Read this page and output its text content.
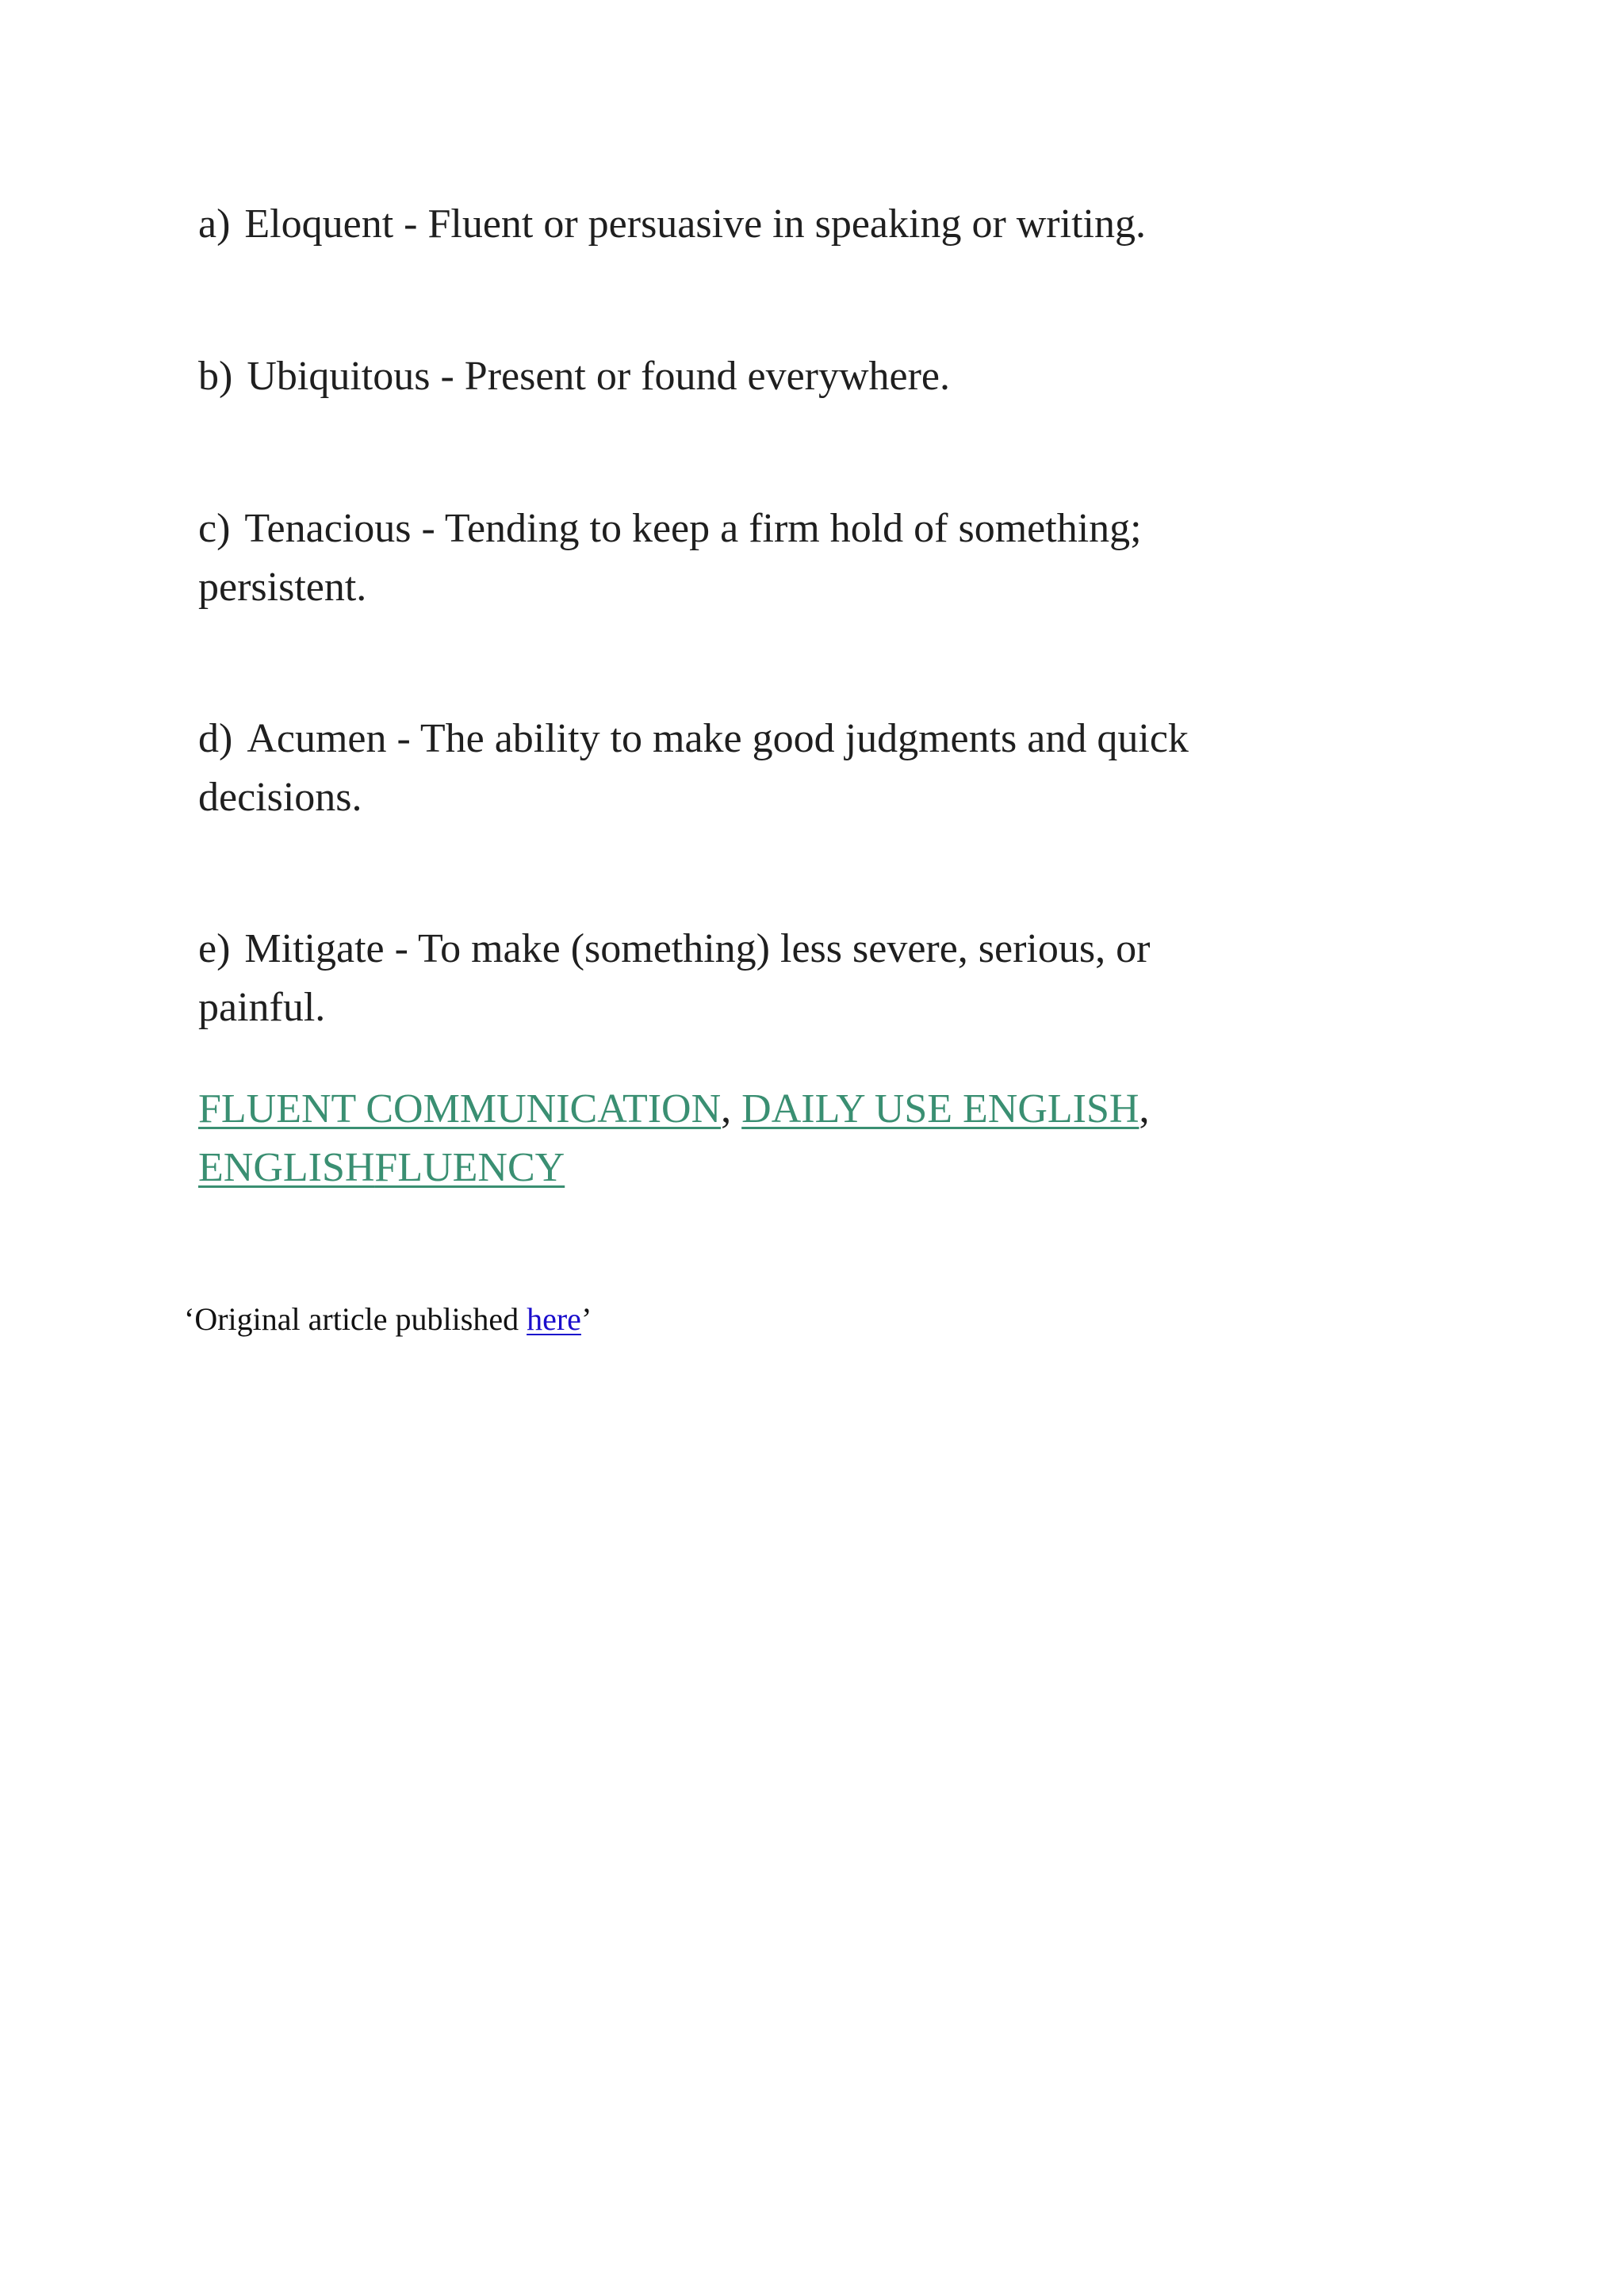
a) Eloquent - Fluent or persuasive in speaking or writing.

b) Ubiquitous - Present or found everywhere.

c) Tenacious - Tending to keep a firm hold of something; persistent.

d) Acumen - The ability to make good judgments and quick decisions.

e) Mitigate - To make (something) less severe, serious, or painful.

FLUENT COMMUNICATION, DAILY USE ENGLISH,
ENGLISHFLUENCY
‘Original article published here’
